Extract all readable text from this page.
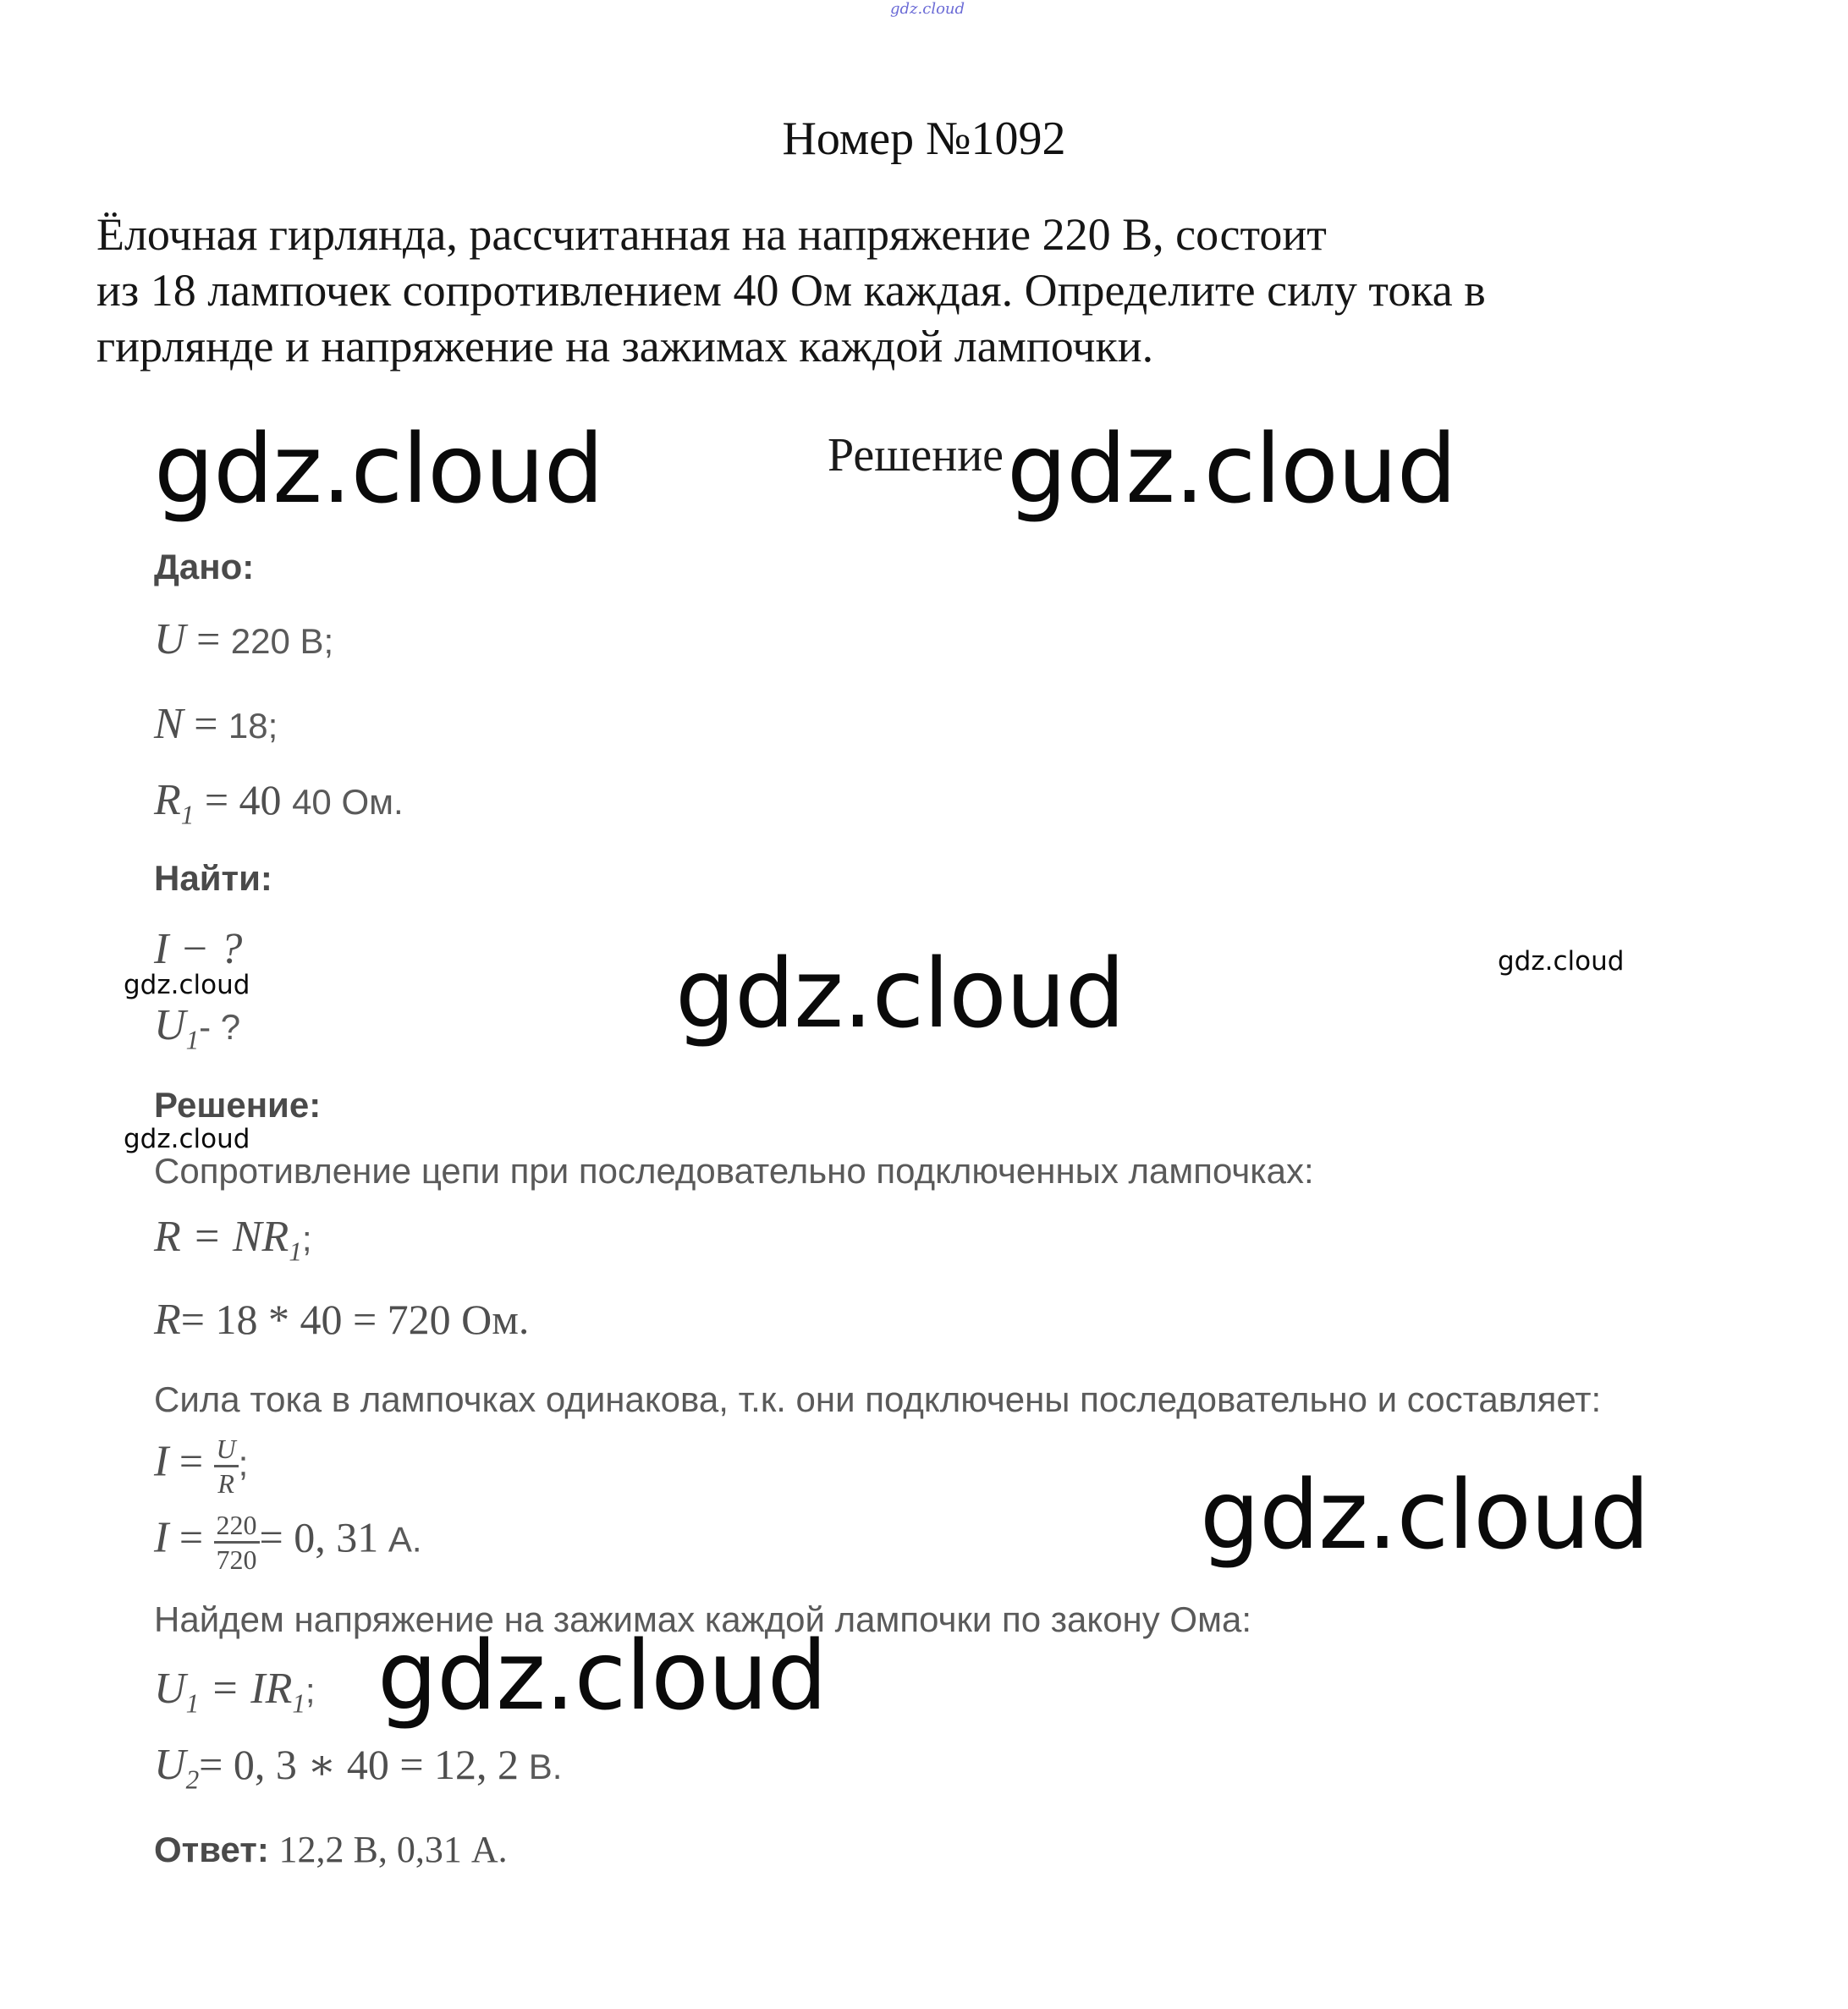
gdz.cloud
Номер №1092
Ёлочная гирлянда, рассчитанная на напряжение 220 В, состоит
из 18 лампочек сопротивлением 40 Ом каждая. Определите силу тока в
гирлянде и напряжение на зажимах каждой лампочки.
Решение
gdz.cloud	gdz.cloud
gdz.cloud
gdz.cloud
gdz.cloud
gdz.cloud
gdz.cloud
gdz.cloud
Дано:
U = 220 В;
N = 18;
$R_1 = 40$ 40 Ом.
Найти:
I − ?
$U_1-$ ?
Решение:
Сопротивление цепи при последовательно подключенных лампочках:
$R = NR_1$;
R= 18 * 40 = 720 Ом.
Сила тока в лампочках одинакова, т.к. они подключены последовательно и составляет:
$I = \frac{U}{R}$ ;
$I = \frac{220}{720} = 0$, 31 А.
Найдем напряжение на зажимах каждой лампочки по закону Ома:
$U_1 = IR_1$;
$U_2= 0$, 3 ∗ 40 = 12, 2 В.
Ответ: 12,2 В, 0,31 А.
